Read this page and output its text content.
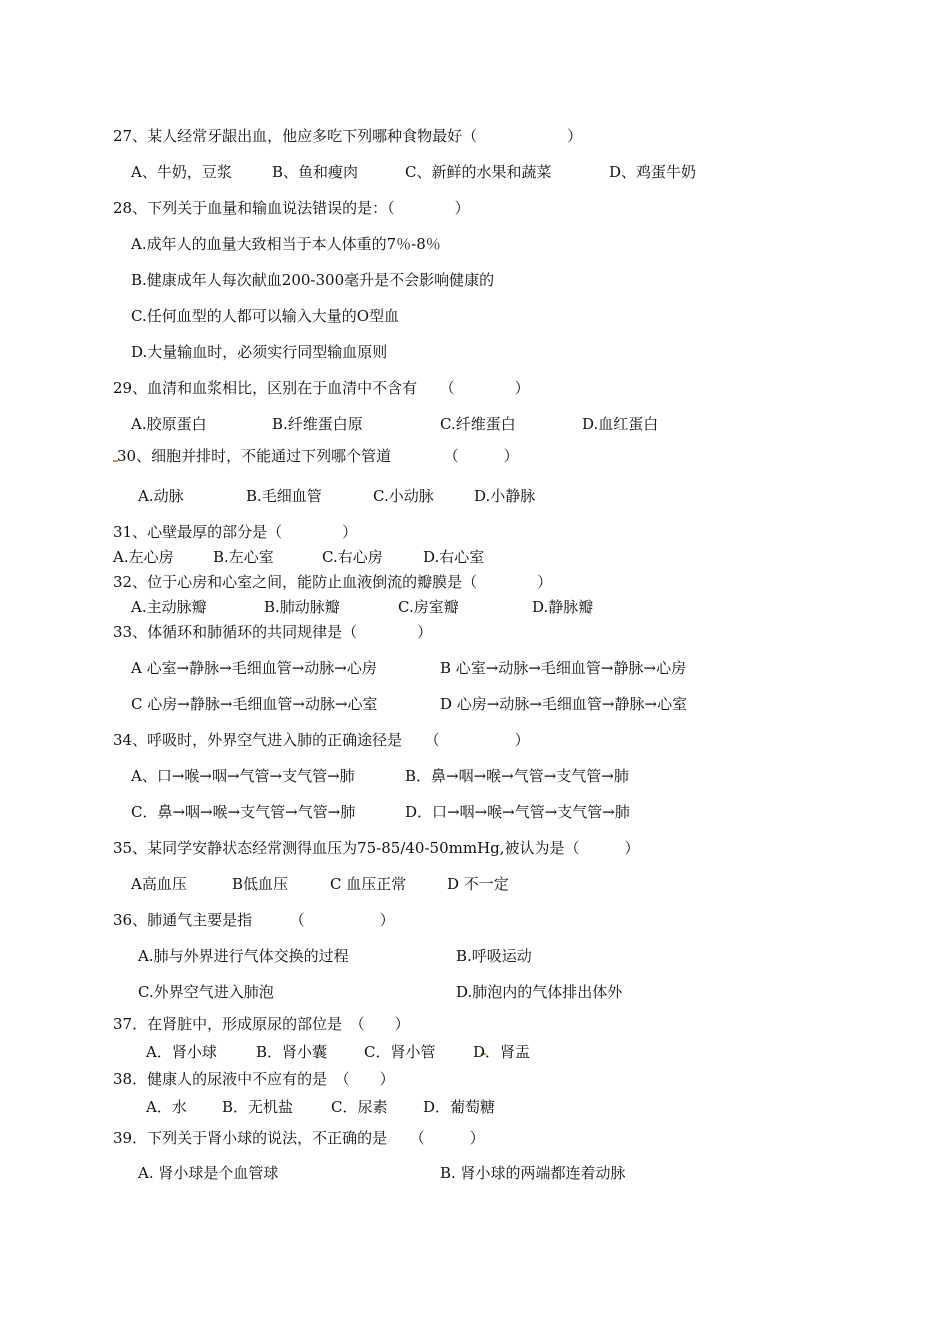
27、某人经常牙龈出血，他应多吃下列哪种食物最好（　　　　　　）
A、牛奶，豆浆	B、鱼和瘦肉	C、新鲜的水果和蔬菜	D、鸡蛋牛奶
28、下列关于血量和输血说法错误的是：（　　　　）
A.成年人的血量大致相当于本人体重的7％-8％
B.健康成年人每次献血200-300毫升是不会影响健康的
C.任何血型的人都可以输入大量的O型血
D.大量输血时，必须实行同型输血原则
29、血清和血浆相比，区别在于血清中不含有　　（　　　　）
A.胶原蛋白	B.纤维蛋白原	C.纤维蛋白	D.血红蛋白
30、细胞并排时，不能通过下列哪个管道　　　　（　　　）
A.动脉	B.毛细血管	C.小动脉	D.小静脉
31、心壁最厚的部分是（　　　　）
A.左心房	B.左心室	C.右心房	D.右心室
32、位于心房和心室之间，能防止血液倒流的瓣膜是（　　　　）
A.主动脉瓣	B.肺动脉瓣	C.房室瓣	D.静脉瓣
33、体循环和肺循环的共同规律是（　　　　）
A 心室→静脉→毛细血管→动脉→心房	B 心室→动脉→毛细血管→静脉→心房
C 心房→静脉→毛细血管→动脉→心室	D 心房→动脉→毛细血管→静脉→心室
34、呼吸时，外界空气进入肺的正确途径是　　（　　　　　）
A、口→喉→咽→气管→支气管→肺	B．鼻→咽→喉→气管→支气管→肺
C．鼻→咽→喉→支气管→气管→肺	D．口→咽→喉→气管→支气管→肺
35、某同学安静状态经常测得血压为75-85/40-50mmHg,被认为是（　　　）
A高血压	B低血压	C 血压正常	D 不一定
36、肺通气主要是指　　　（　　　　　）
A.肺与外界进行气体交换的过程	B.呼吸运动
C.外界空气进入肺泡	D.肺泡内的气体排出体外
37．在肾脏中，形成原尿的部位是　（　　）
A．肾小球	B．肾小囊 C．肾小管	D．肾盂
38．健康人的尿液中不应有的是　（　　）
A．水 B．无机盐	C．尿素 D．葡萄糖
39．下列关于肾小球的说法，不正确的是　　（　　　）
A. 肾小球是个血管球	B. 肾小球的两端都连着动脉
